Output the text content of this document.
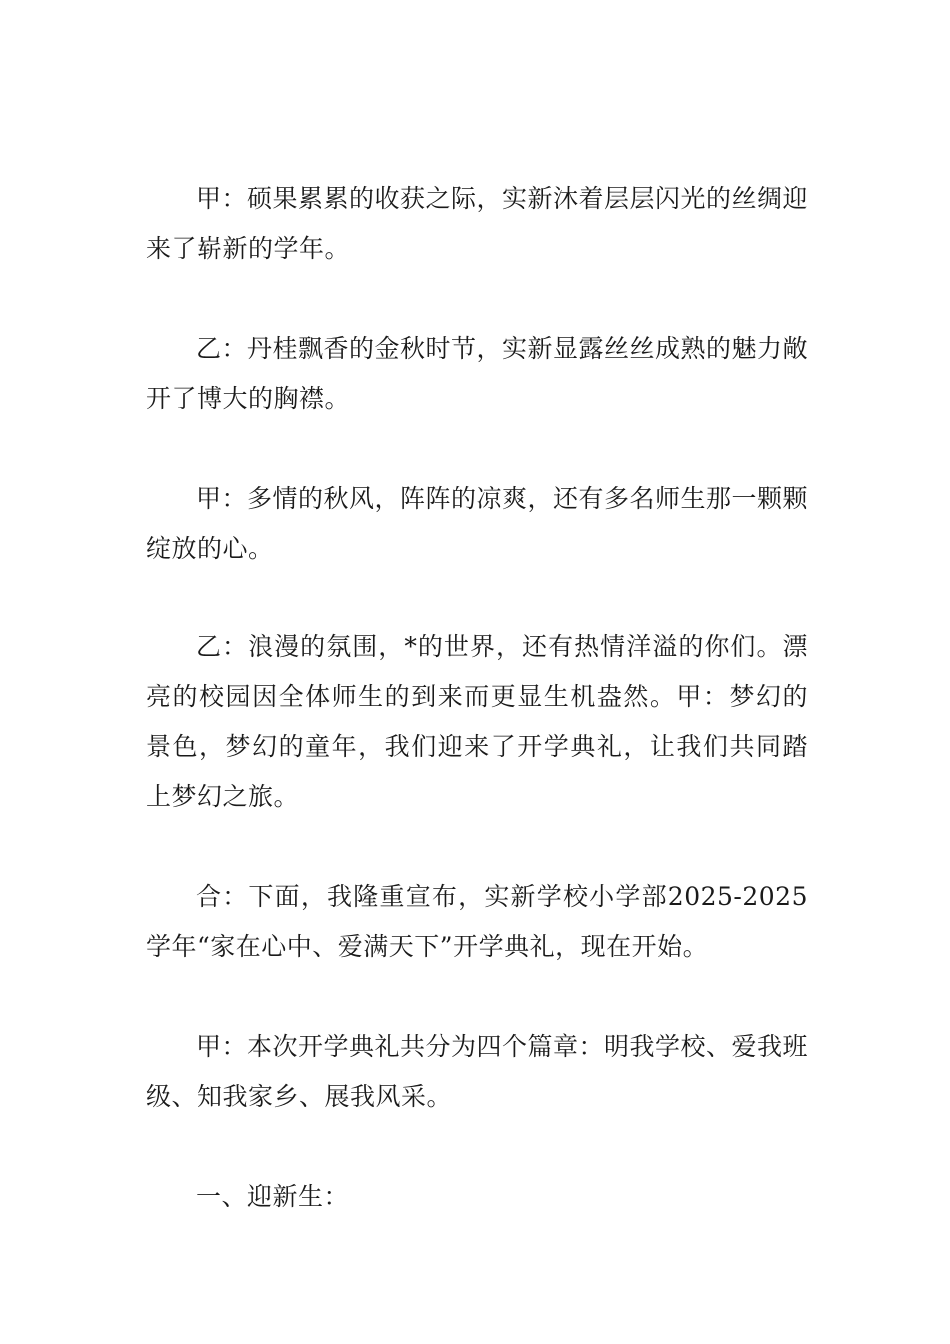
甲：硕果累累的收获之际，实新沐着层层闪光的丝绸迎来了崭新的学年。

乙：丹桂飘香的金秋时节，实新显露丝丝成熟的魅力敞开了博大的胸襟。

甲：多情的秋风，阵阵的凉爽，还有多名师生那一颗颗绽放的心。

乙：浪漫的氛围，*的世界，还有热情洋溢的你们。漂亮的校园因全体师生的到来而更显生机盎然。甲：梦幻的景色，梦幻的童年，我们迎来了开学典礼，让我们共同踏上梦幻之旅。

合：下面，我隆重宣布，实新学校小学部2025-2025学年“家在心中、爱满天下”开学典礼，现在开始。

甲：本次开学典礼共分为四个篇章：明我学校、爱我班级、知我家乡、展我风采。

一、迎新生：
